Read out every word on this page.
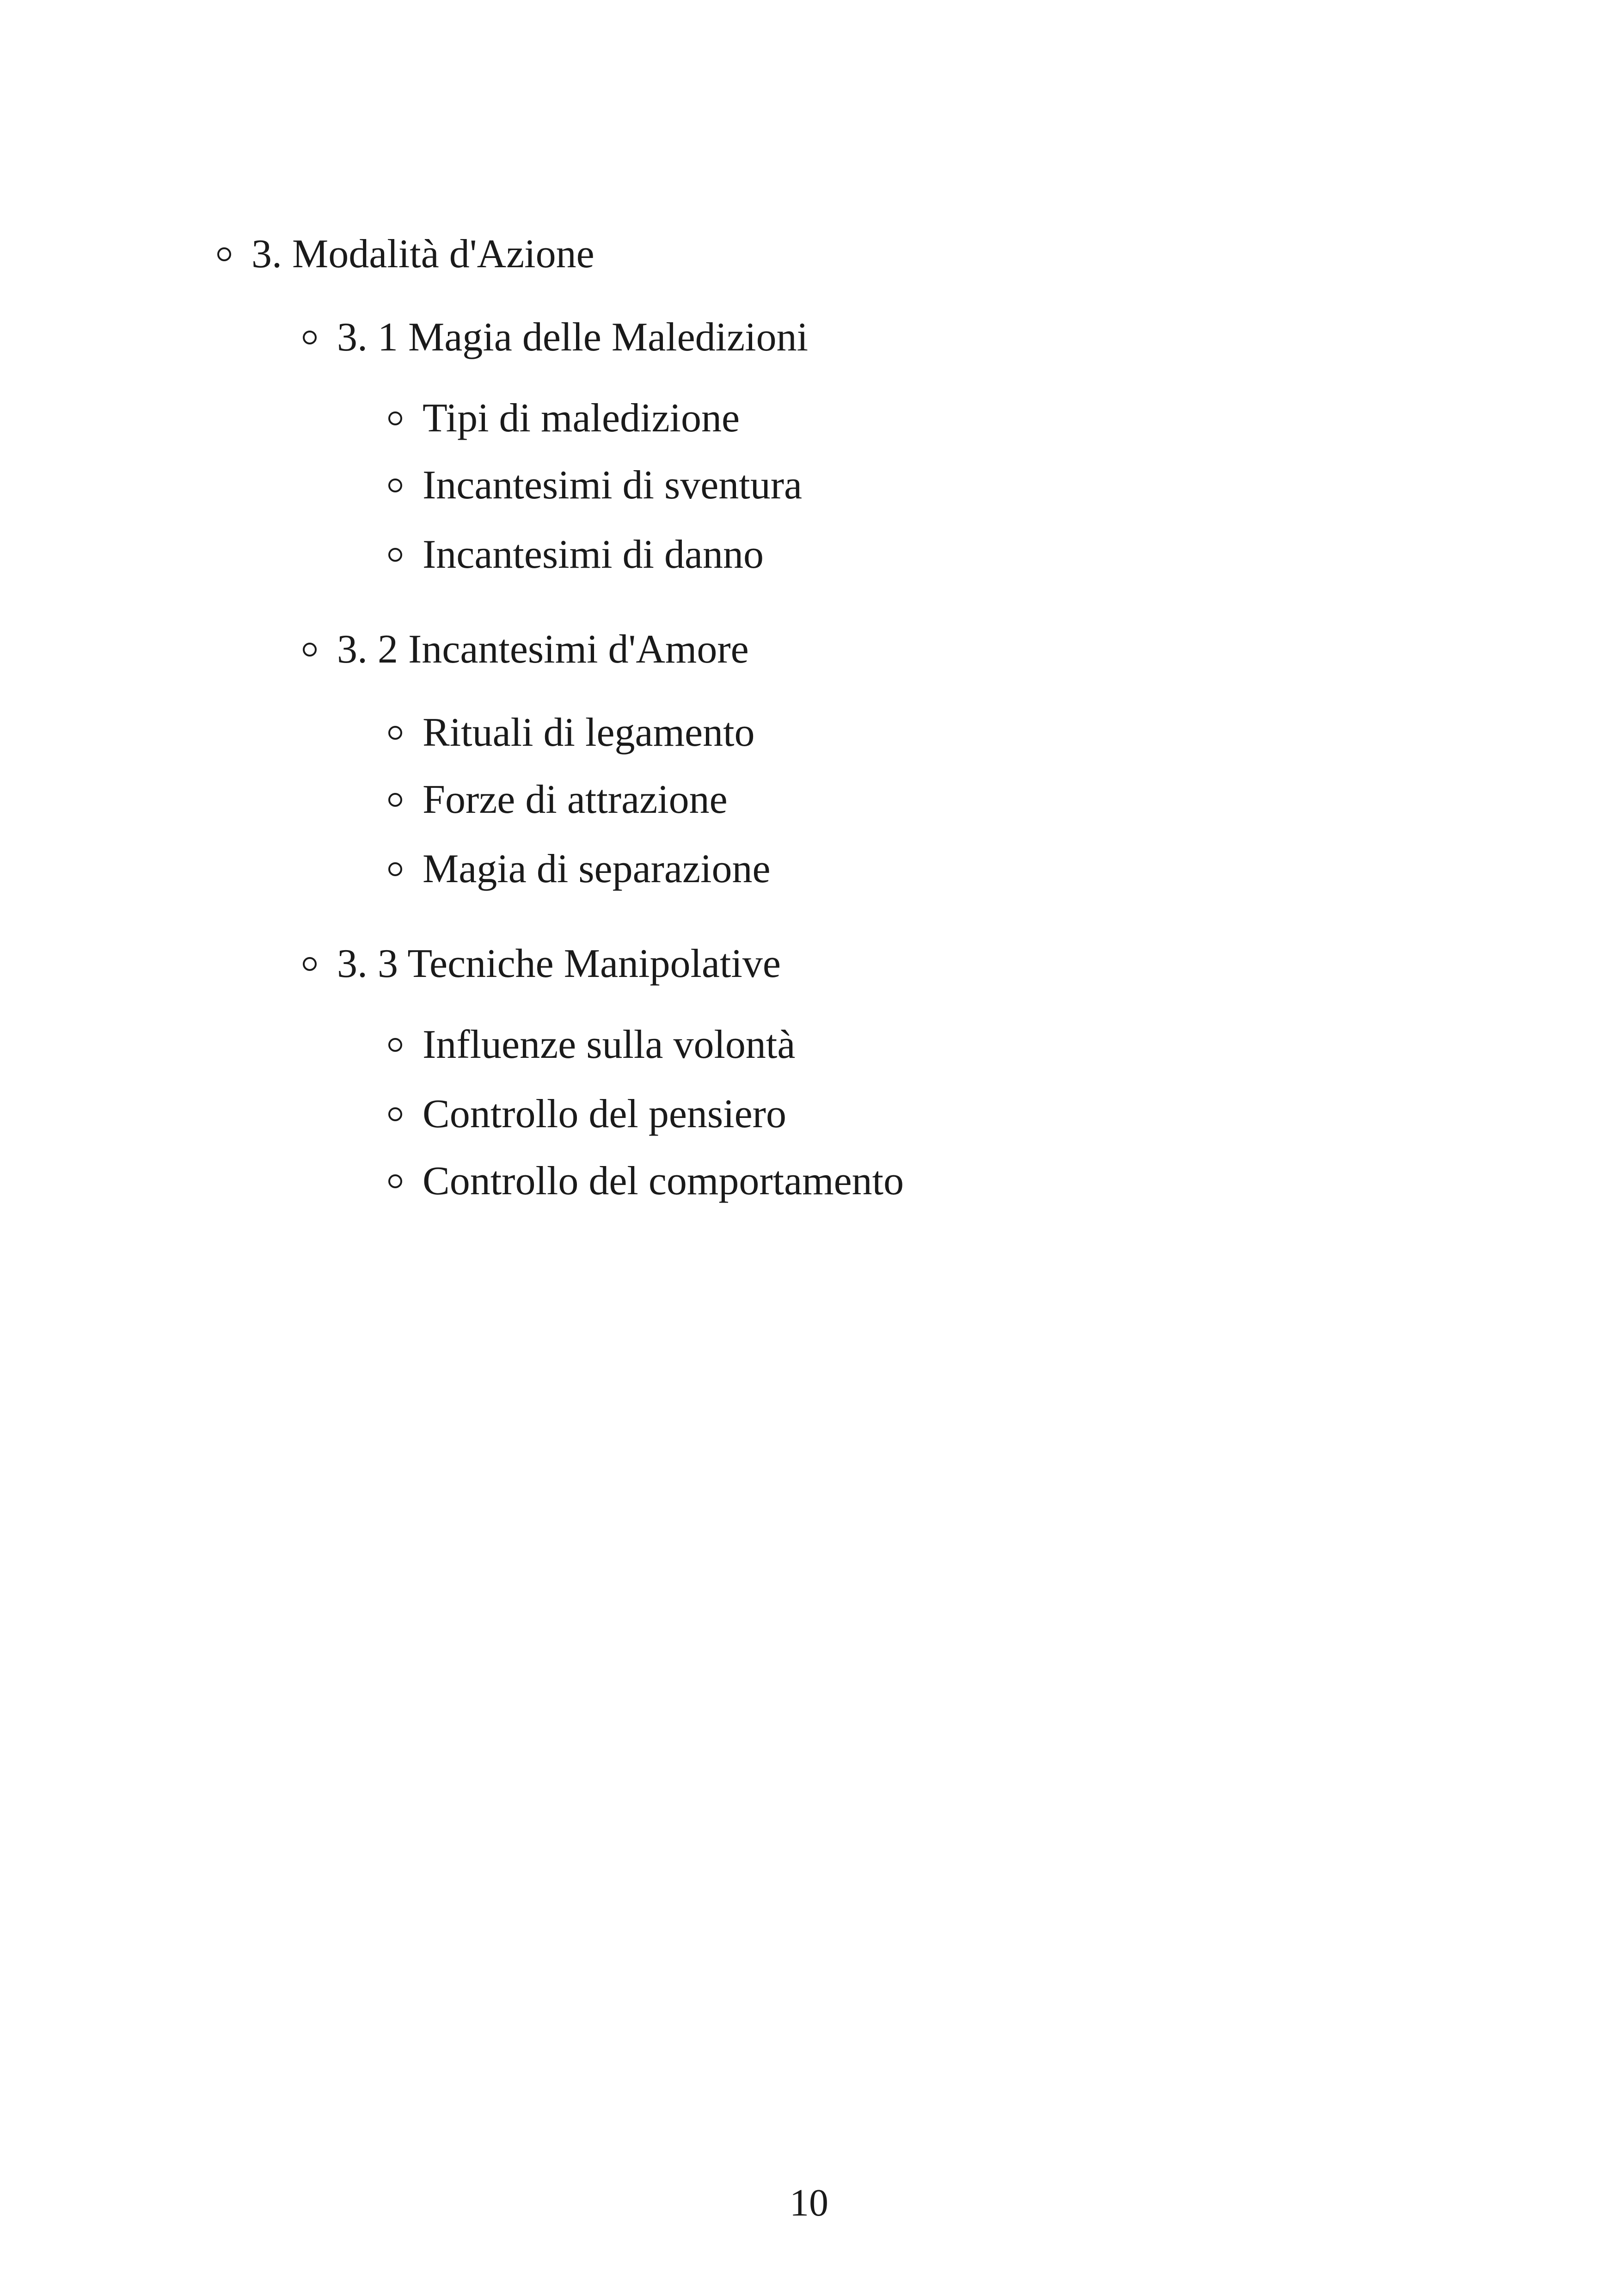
3. Modalità d'Azione
3. 1 Magia delle Maledizioni
Tipi di maledizione
Incantesimi di sventura
Incantesimi di danno
3. 2 Incantesimi d'Amore
Rituali di legamento
Forze di attrazione
Magia di separazione
3. 3 Tecniche Manipolative
Influenze sulla volontà
Controllo del pensiero
Controllo del comportamento
10
